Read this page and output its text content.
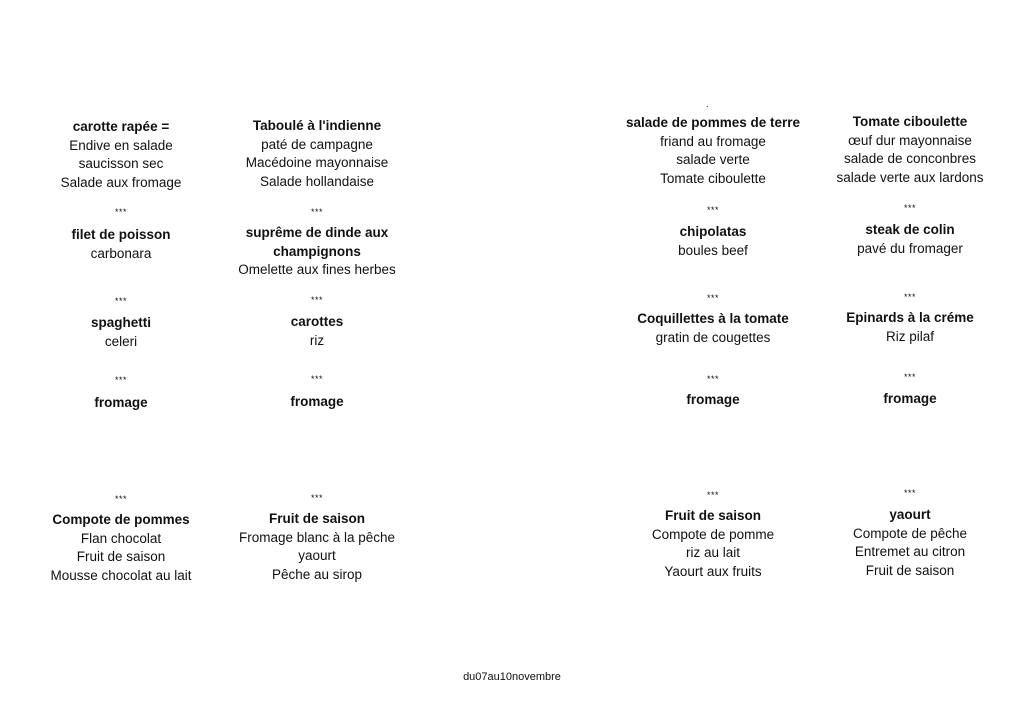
carotte rapée =
Endive en salade
saucisson sec
Salade aux fromage
***
filet de poisson
carbonara
***
spaghetti
celeri
***
fromage
***
Compote de pommes
Flan chocolat
Fruit de saison
Mousse chocolat au lait
Taboulé à l'indienne
paté de campagne
Macédoine mayonnaise
Salade hollandaise
***
suprême de dinde aux
champignons
Omelette aux fines herbes
***
carottes
riz
***
fromage
***
Fruit de saison
Fromage blanc à la pêche
yaourt
Pêche au sirop
salade de pommes de terre
friand au fromage
salade verte
Tomate ciboulette
***
chipolatas
boules beef
***
Coquillettes à la tomate
gratin de cougettes
***
fromage
***
Fruit de saison
Compote de pomme
riz au lait
Yaourt aux fruits
Tomate ciboulette
œuf dur mayonnaise
salade de conconbres
salade verte aux lardons
***
steak de colin
pavé du fromager
***
Epinards à la créme
Riz pilaf
***
fromage
***
yaourt
Compote de pêche
Entremet au citron
Fruit de saison
.
du07au10novembre
